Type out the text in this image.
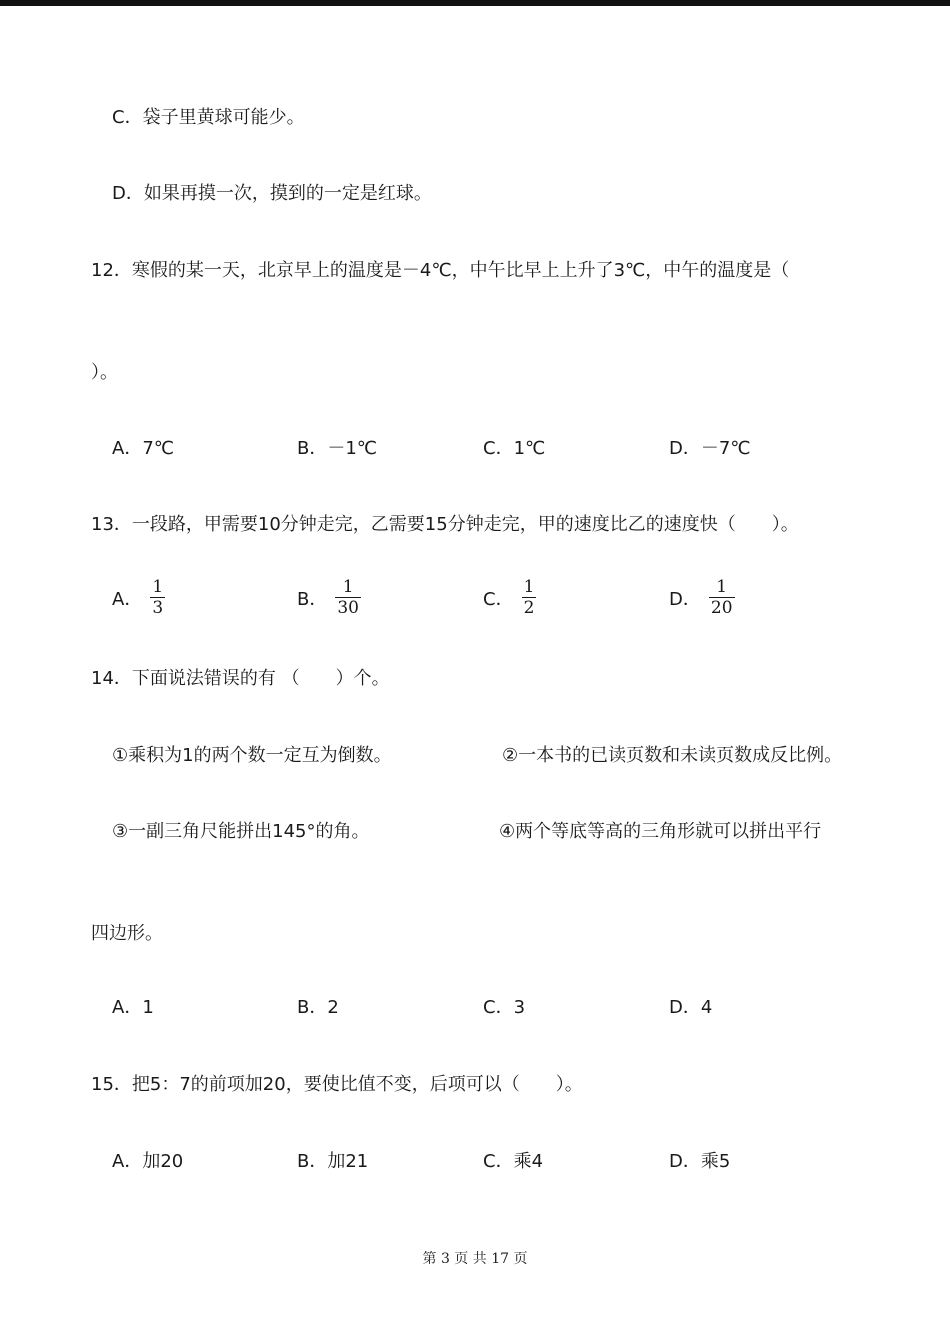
C．袋子里黄球可能少。
D．如果再摸一次，摸到的一定是红球。
12．寒假的某一天，北京早上的温度是－4℃，中午比早上上升了3℃，中午的温度是（
）。
A．7℃	B．－1℃	C．1℃	D．－7℃
13．一段路，甲需要10分钟走完，乙需要15分钟走完，甲的速度比乙的速度快（　　）。
A． $\frac{1}{3}$	B． $\frac{1}{30}$	C． $\frac{1}{2}$	D． $\frac{1}{20}$
14．下面说法错误的有 （　　）个。
①乘积为1的两个数一定互为倒数。	②一本书的已读页数和未读页数成反比例。
③一副三角尺能拼出145°的角。	④两个等底等高的三角形就可以拼出平行
四边形。
A．1	B．2	C．3	D．4
15．把5：7的前项加20，要使比值不变，后项可以（　　）。
A．加20	B．加21	C．乘4	D．乘5
第 3 页 共 17 页
